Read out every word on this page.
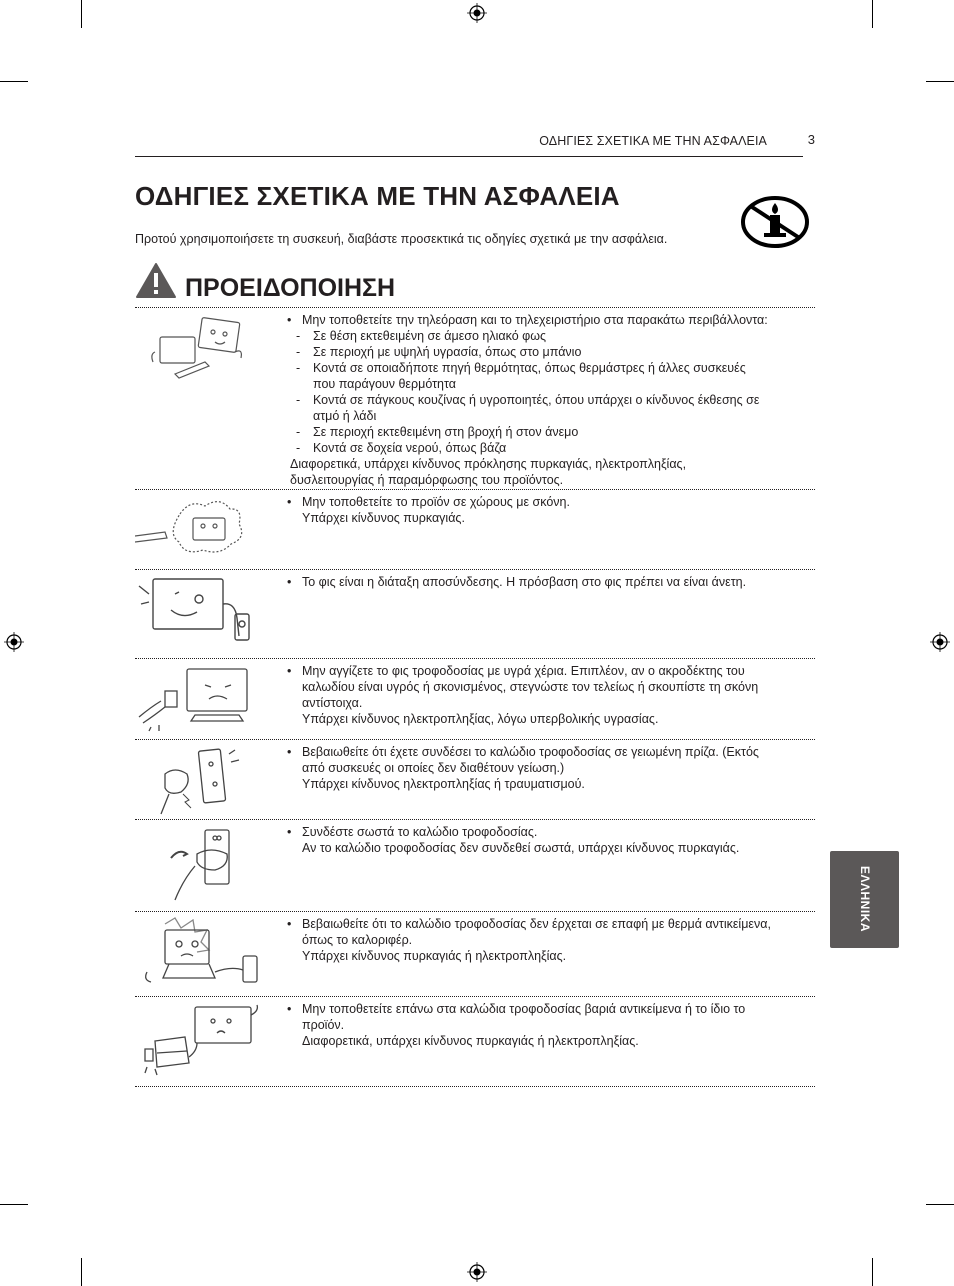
ΟΔΗΓΙΕΣ ΣΧΕΤΙΚΑ ΜΕ ΤΗΝ ΑΣΦΑΛΕΙΑ	3
ΟΔΗΓΙΕΣ ΣΧΕΤΙΚΑ ΜΕ ΤΗΝ ΑΣΦΑΛΕΙΑ
Προτού χρησιμοποιήσετε τη συσκευή, διαβάστε προσεκτικά τις οδηγίες σχετικά με την ασφάλεια.
ΠΡΟΕΙΔΟΠΟΙΗΣΗ

• Μην τοποθετείτε την τηλεόραση και το τηλεχειριστήριο στα παρακάτω περιβάλλοντα:

- Σε θέση εκτεθειμένη σε άμεσο ηλιακό φως

- Σε περιοχή με υψηλή υγρασία, όπως στο μπάνιο

- Κοντά σε οποιαδήποτε πηγή θερμότητας, όπως θερμάστρες ή άλλες συσκευές

που παράγουν θερμότητα

- Κοντά σε πάγκους κουζίνας ή υγροποιητές, όπου υπάρχει ο κίνδυνος έκθεσης σε

ατμό ή λάδι

- Σε περιοχή εκτεθειμένη στη βροχή ή στον άνεμο

- Κοντά σε δοχεία νερού, όπως βάζα

Διαφορετικά, υπάρχει κίνδυνος πρόκλησης πυρκαγιάς, ηλεκτροπληξίας,

δυσλειτουργίας ή παραμόρφωσης του προϊόντος.

• Μην τοποθετείτε το προϊόν σε χώρους με σκόνη.

Υπάρχει κίνδυνος πυρκαγιάς.

• Το φις είναι η διάταξη αποσύνδεσης. Η πρόσβαση στο φις πρέπει να είναι άνετη.

• Μην αγγίζετε το φις τροφοδοσίας με υγρά χέρια. Επιπλέον, αν ο ακροδέκτης του

καλωδίου είναι υγρός ή σκονισμένος, στεγνώστε τον τελείως ή σκουπίστε τη σκόνη

αντίστοιχα.

Υπάρχει κίνδυνος ηλεκτροπληξίας, λόγω υπερβολικής υγρασίας.

• Βεβαιωθείτε ότι έχετε συνδέσει το καλώδιο τροφοδοσίας σε γειωμένη πρίζα. (Εκτός

από συσκευές οι οποίες δεν διαθέτουν γείωση.)

Υπάρχει κίνδυνος ηλεκτροπληξίας ή τραυματισμού.

• Συνδέστε σωστά το καλώδιο τροφοδοσίας.

Αν το καλώδιο τροφοδοσίας δεν συνδεθεί σωστά, υπάρχει κίνδυνος πυρκαγιάς.

• Βεβαιωθείτε ότι το καλώδιο τροφοδοσίας δεν έρχεται σε επαφή με θερμά αντικείμενα,

όπως το καλοριφέρ.

Υπάρχει κίνδυνος πυρκαγιάς ή ηλεκτροπληξίας.

• Μην τοποθετείτε επάνω στα καλώδια τροφοδοσίας βαριά αντικείμενα ή το ίδιο το

προϊόν.

Διαφορετικά, υπάρχει κίνδυνος πυρκαγιάς ή ηλεκτροπληξίας.

ΕΛΛΗΝΙΚΑ
